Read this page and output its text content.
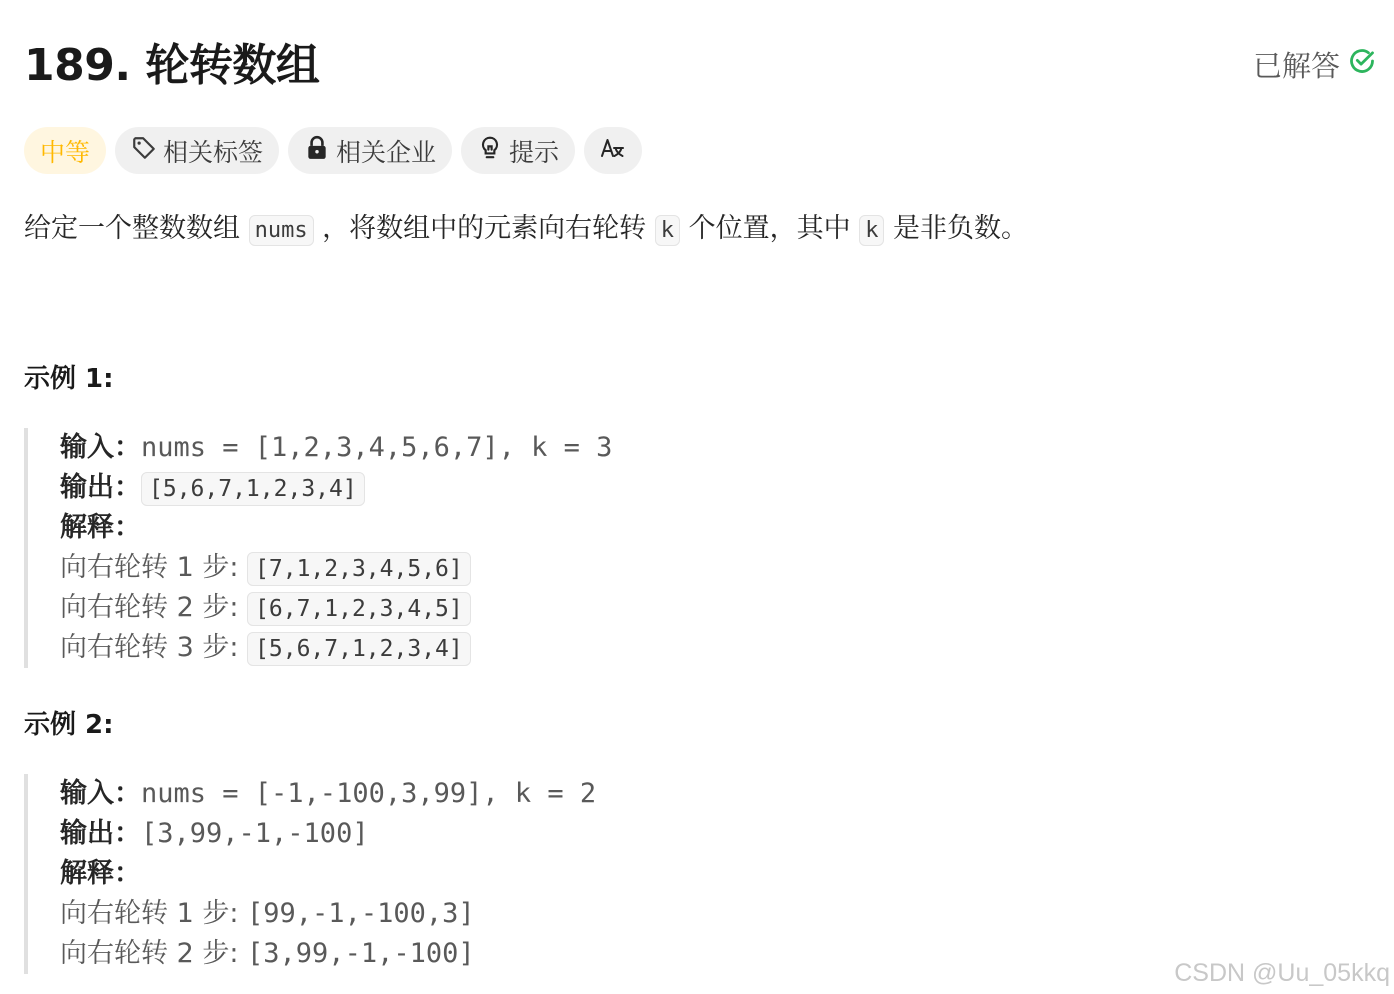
189. 轮转数组	已解答
中等	相关标签	相关企业	提示
给定一个整数数组 nums ，将数组中的元素向右轮转 k 个位置，其中 k 是非负数。
示例 1:
输入：nums = [1,2,3,4,5,6,7], k = 3
输出： [5,6,7,1,2,3,4]
解释：
向右轮转 1 步: [7,1,2,3,4,5,6]
向右轮转 2 步: [6,7,1,2,3,4,5]
向右轮转 3 步: [5,6,7,1,2,3,4]
示例 2:
输入：nums = [-1,-100,3,99], k = 2
输出：[3,99,-1,-100]
解释：
向右轮转 1 步: [99,-1,-100,3]
向右轮转 2 步: [3,99,-1,-100]
CSDN @Uu_05kkq
